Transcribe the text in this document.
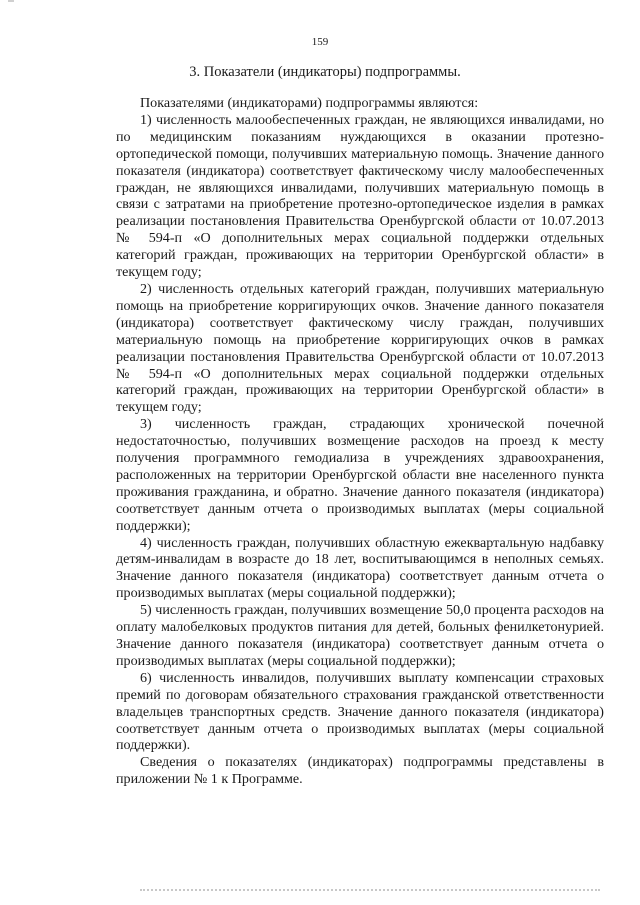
159
3. Показатели (индикаторы) подпрограммы.

Показателями (индикаторами) подпрограммы являются:

1) численность малообеспеченных граждан, не являющихся инвалидами, но по медицинским показаниям нуждающихся в оказании протезно-ортопедической помощи, получивших материальную помощь. Значение данного показателя (индикатора) соответствует фактическому числу малообеспеченных граждан, не являющихся инвалидами, получивших материальную помощь в связи с затратами на приобретение протезно-ортопедическое изделия в рамках реализации постановления Правительства Оренбургской области от 10.07.2013 № 594-п «О дополнительных мерах социальной поддержки отдельных категорий граждан, проживающих на территории Оренбургской области» в текущем году;

2) численность отдельных категорий граждан, получивших материальную помощь на приобретение корригирующих очков. Значение данного показателя (индикатора) соответствует фактическому числу граждан, получивших материальную помощь на приобретение корригирующих очков в рамках реализации постановления Правительства Оренбургской области от 10.07.2013 № 594-п «О дополнительных мерах социальной поддержки отдельных категорий граждан, проживающих на территории Оренбургской области» в текущем году;

3) численность граждан, страдающих хронической почечной недостаточностью, получивших возмещение расходов на проезд к месту получения программного гемодиализа в учреждениях здравоохранения, расположенных на территории Оренбургской области вне населенного пункта проживания гражданина, и обратно. Значение данного показателя (индикатора) соответствует данным отчета о производимых выплатах (меры социальной поддержки);

4) численность граждан, получивших областную ежеквартальную надбавку детям-инвалидам в возрасте до 18 лет, воспитывающимся в неполных семьях. Значение данного показателя (индикатора) соответствует данным отчета о производимых выплатах (меры социальной поддержки);

5) численность граждан, получивших возмещение 50,0 процента расходов на оплату малобелковых продуктов питания для детей, больных фенилкетонурией. Значение данного показателя (индикатора) соответствует данным отчета о производимых выплатах (меры социальной поддержки);

6) численность инвалидов, получивших выплату компенсации страховых премий по договорам обязательного страхования гражданской ответственности владельцев транспортных средств. Значение данного показателя (индикатора) соответствует данным отчета о производимых выплатах (меры социальной поддержки).

Сведения о показателях (индикаторах) подпрограммы представлены в приложении № 1 к Программе.
